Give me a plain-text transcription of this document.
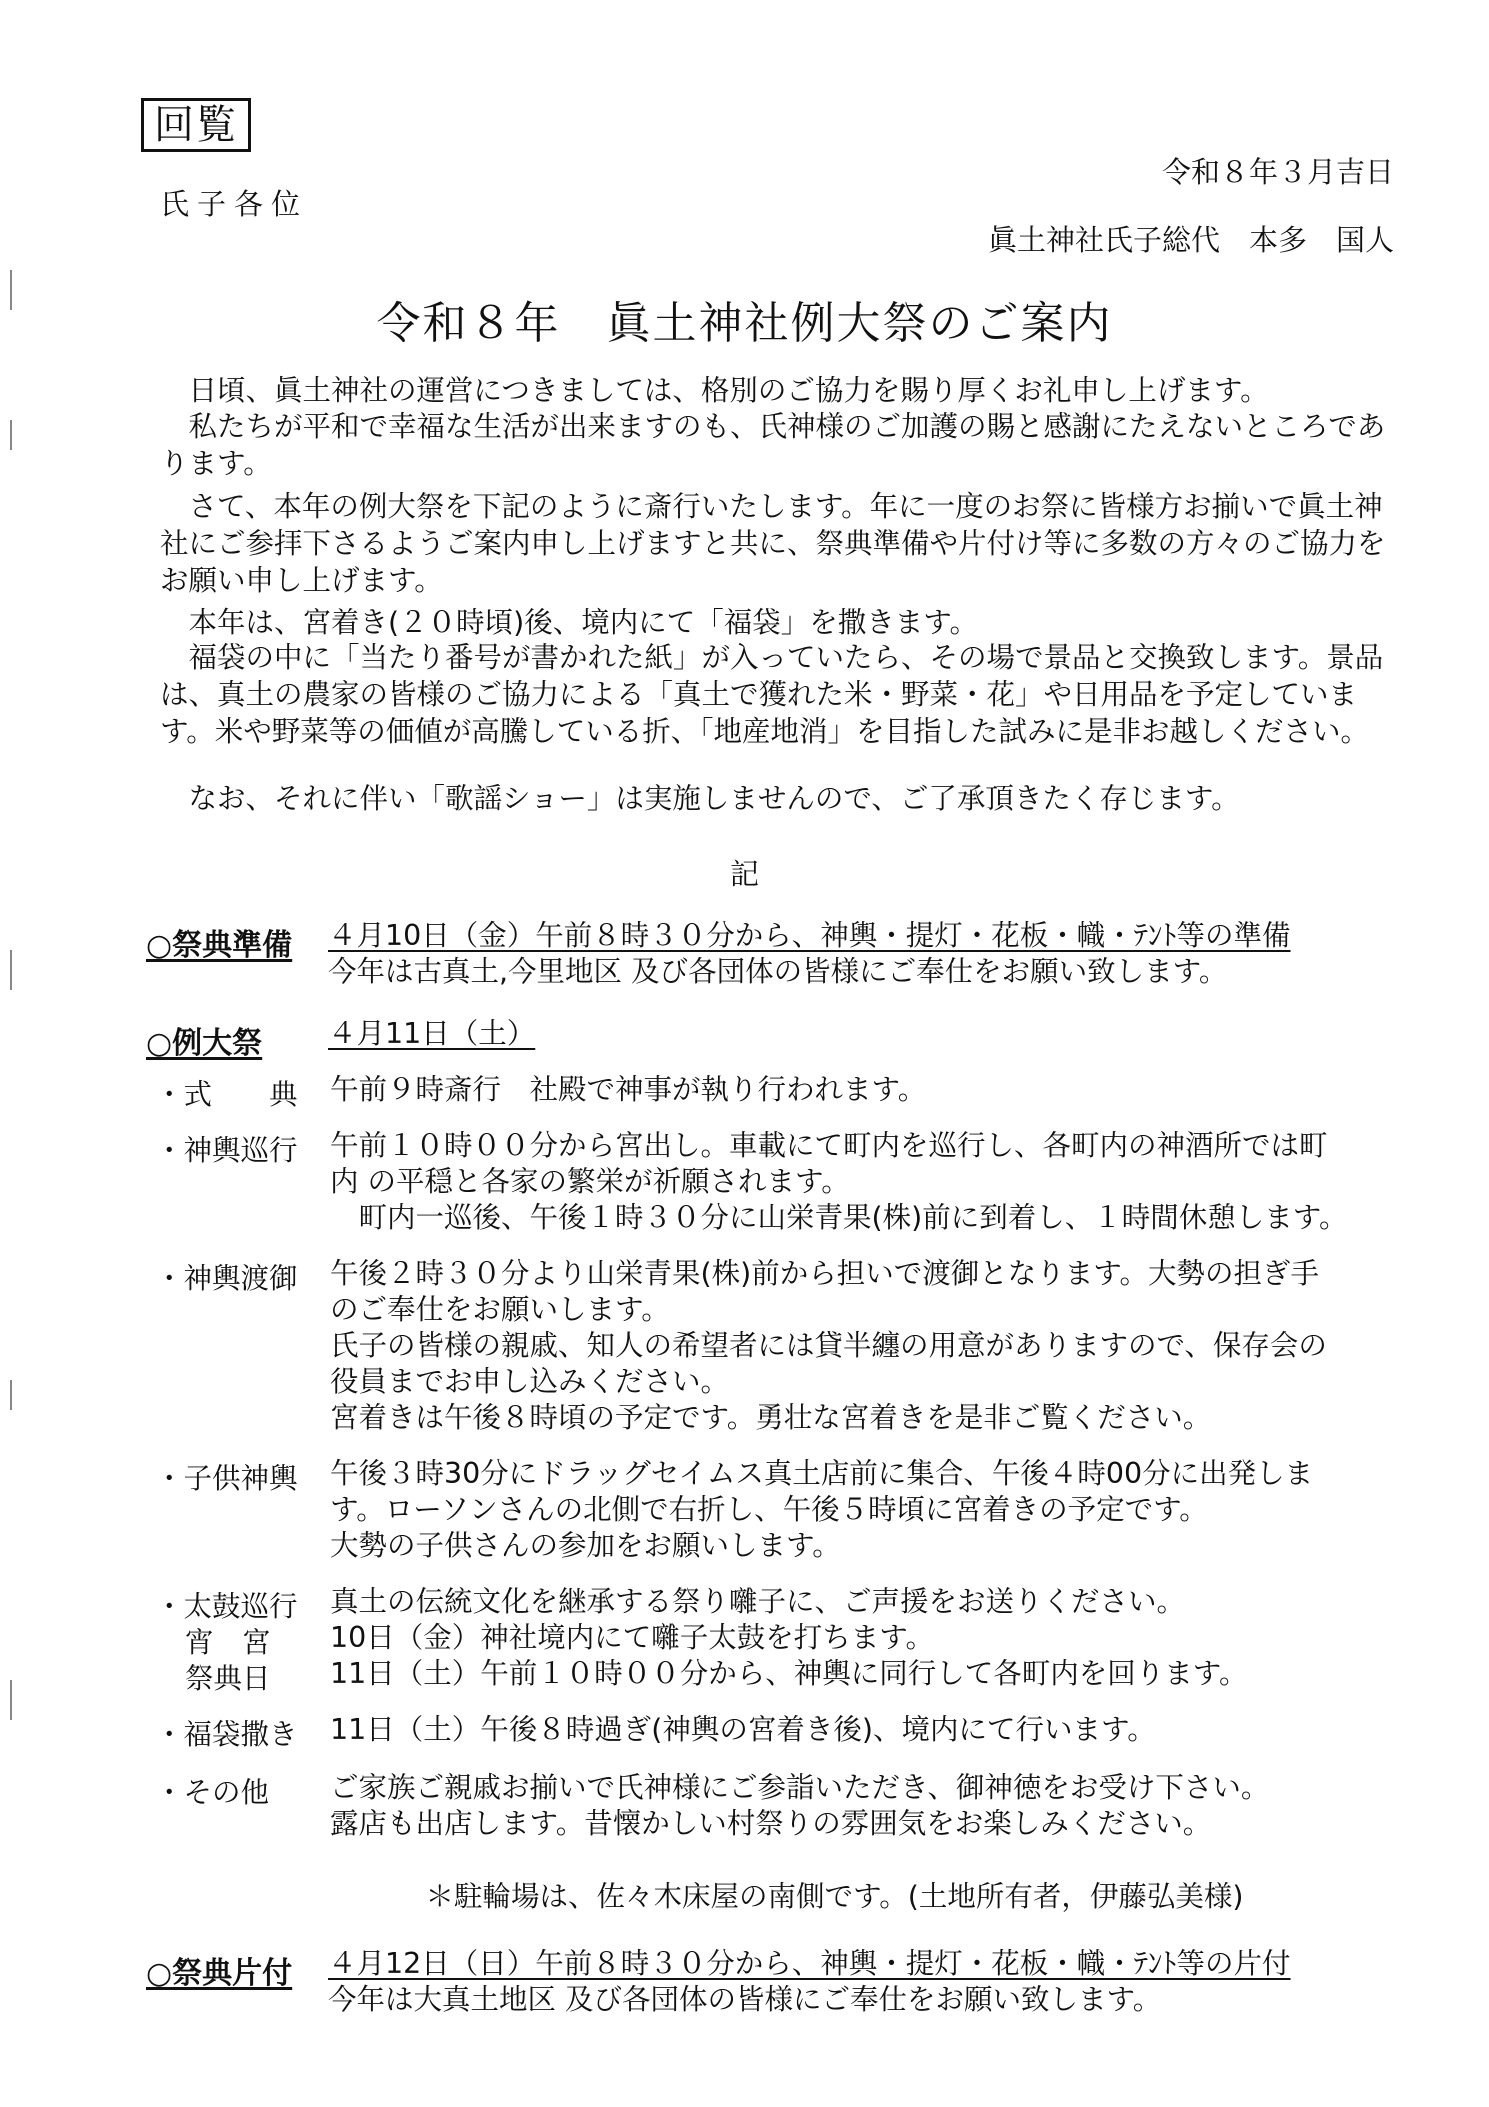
回覧
令和８年３月吉日
氏子各位
眞土神社氏子総代　本多　国人
令和８年　眞土神社例大祭のご案内
日頃、眞土神社の運営につきましては、格別のご協力を賜り厚くお礼申し上げます。
私たちが平和で幸福な生活が出来ますのも、氏神様のご加護の賜と感謝にたえないところであります。
さて、本年の例大祭を下記のように斎行いたします。年に一度のお祭に皆様方お揃いで眞土神社にご参拝下さるようご案内申し上げますと共に、祭典準備や片付け等に多数の方々のご協力をお願い申し上げます。
本年は、宮着き(２０時頃)後、境内にて「福袋」を撒きます。
福袋の中に「当たり番号が書かれた紙」が入っていたら、その場で景品と交換致します。景品は、真土の農家の皆様のご協力による「真土で獲れた米・野菜・花」や日用品を予定しています。米や野菜等の価値が高騰している折、「地産地消」を目指した試みに是非お越しください。
なお、それに伴い「歌謡ショー」は実施しませんので、ご了承頂きたく存じます。
記
○祭典準備 ４月10日（金）午前８時３０分から、神輿・提灯・花板・幟・ﾃﾝﾄ等の準備

今年は古真土,今里地区 及び各団体の皆様にご奉仕をお願い致します。

○例大祭 ４月11日（土）

・式　　典 午前９時斎行　社殿で神事が執り行われます。

・神輿巡行 午前１０時００分から宮出し。車載にて町内を巡行し、各町内の神酒所では町

内 の平穏と各家の繁栄が祈願されます。

　町内一巡後、午後１時３０分に山栄青果(株)前に到着し、１時間休憩します。

・神輿渡御 午後２時３０分より山栄青果(株)前から担いで渡御となります。大勢の担ぎ手

のご奉仕をお願いします。

氏子の皆様の親戚、知人の希望者には貸半纏の用意がありますので、保存会の

役員までお申し込みください。

宮着きは午後８時頃の予定です。勇壮な宮着きを是非ご覧ください。

・子供神輿 午後３時30分にドラッグセイムス真土店前に集合、午後４時00分に出発しま

す。ローソンさんの北側で右折し、午後５時頃に宮着きの予定です。

大勢の子供さんの参加をお願いします。

・太鼓巡行 真土の伝統文化を継承する祭り囃子に、ご声援をお送りください。

10日（金）神社境内にて囃子太鼓を打ちます。

11日（土）午前１０時００分から、神輿に同行して各町内を回ります。

宵　宮
祭典日
・福袋撒き 11日（土）午後８時過ぎ(神輿の宮着き後)、境内にて行います。

・その他 ご家族ご親戚お揃いで氏神様にご参詣いただき、御神徳をお受け下さい。

露店も出店します。昔懐かしい村祭りの雰囲気をお楽しみください。

＊駐輪場は、佐々木床屋の南側です。(土地所有者，伊藤弘美様)
○祭典片付 ４月12日（日）午前８時３０分から、神輿・提灯・花板・幟・ﾃﾝﾄ等の片付

今年は大真土地区 及び各団体の皆様にご奉仕をお願い致します。
